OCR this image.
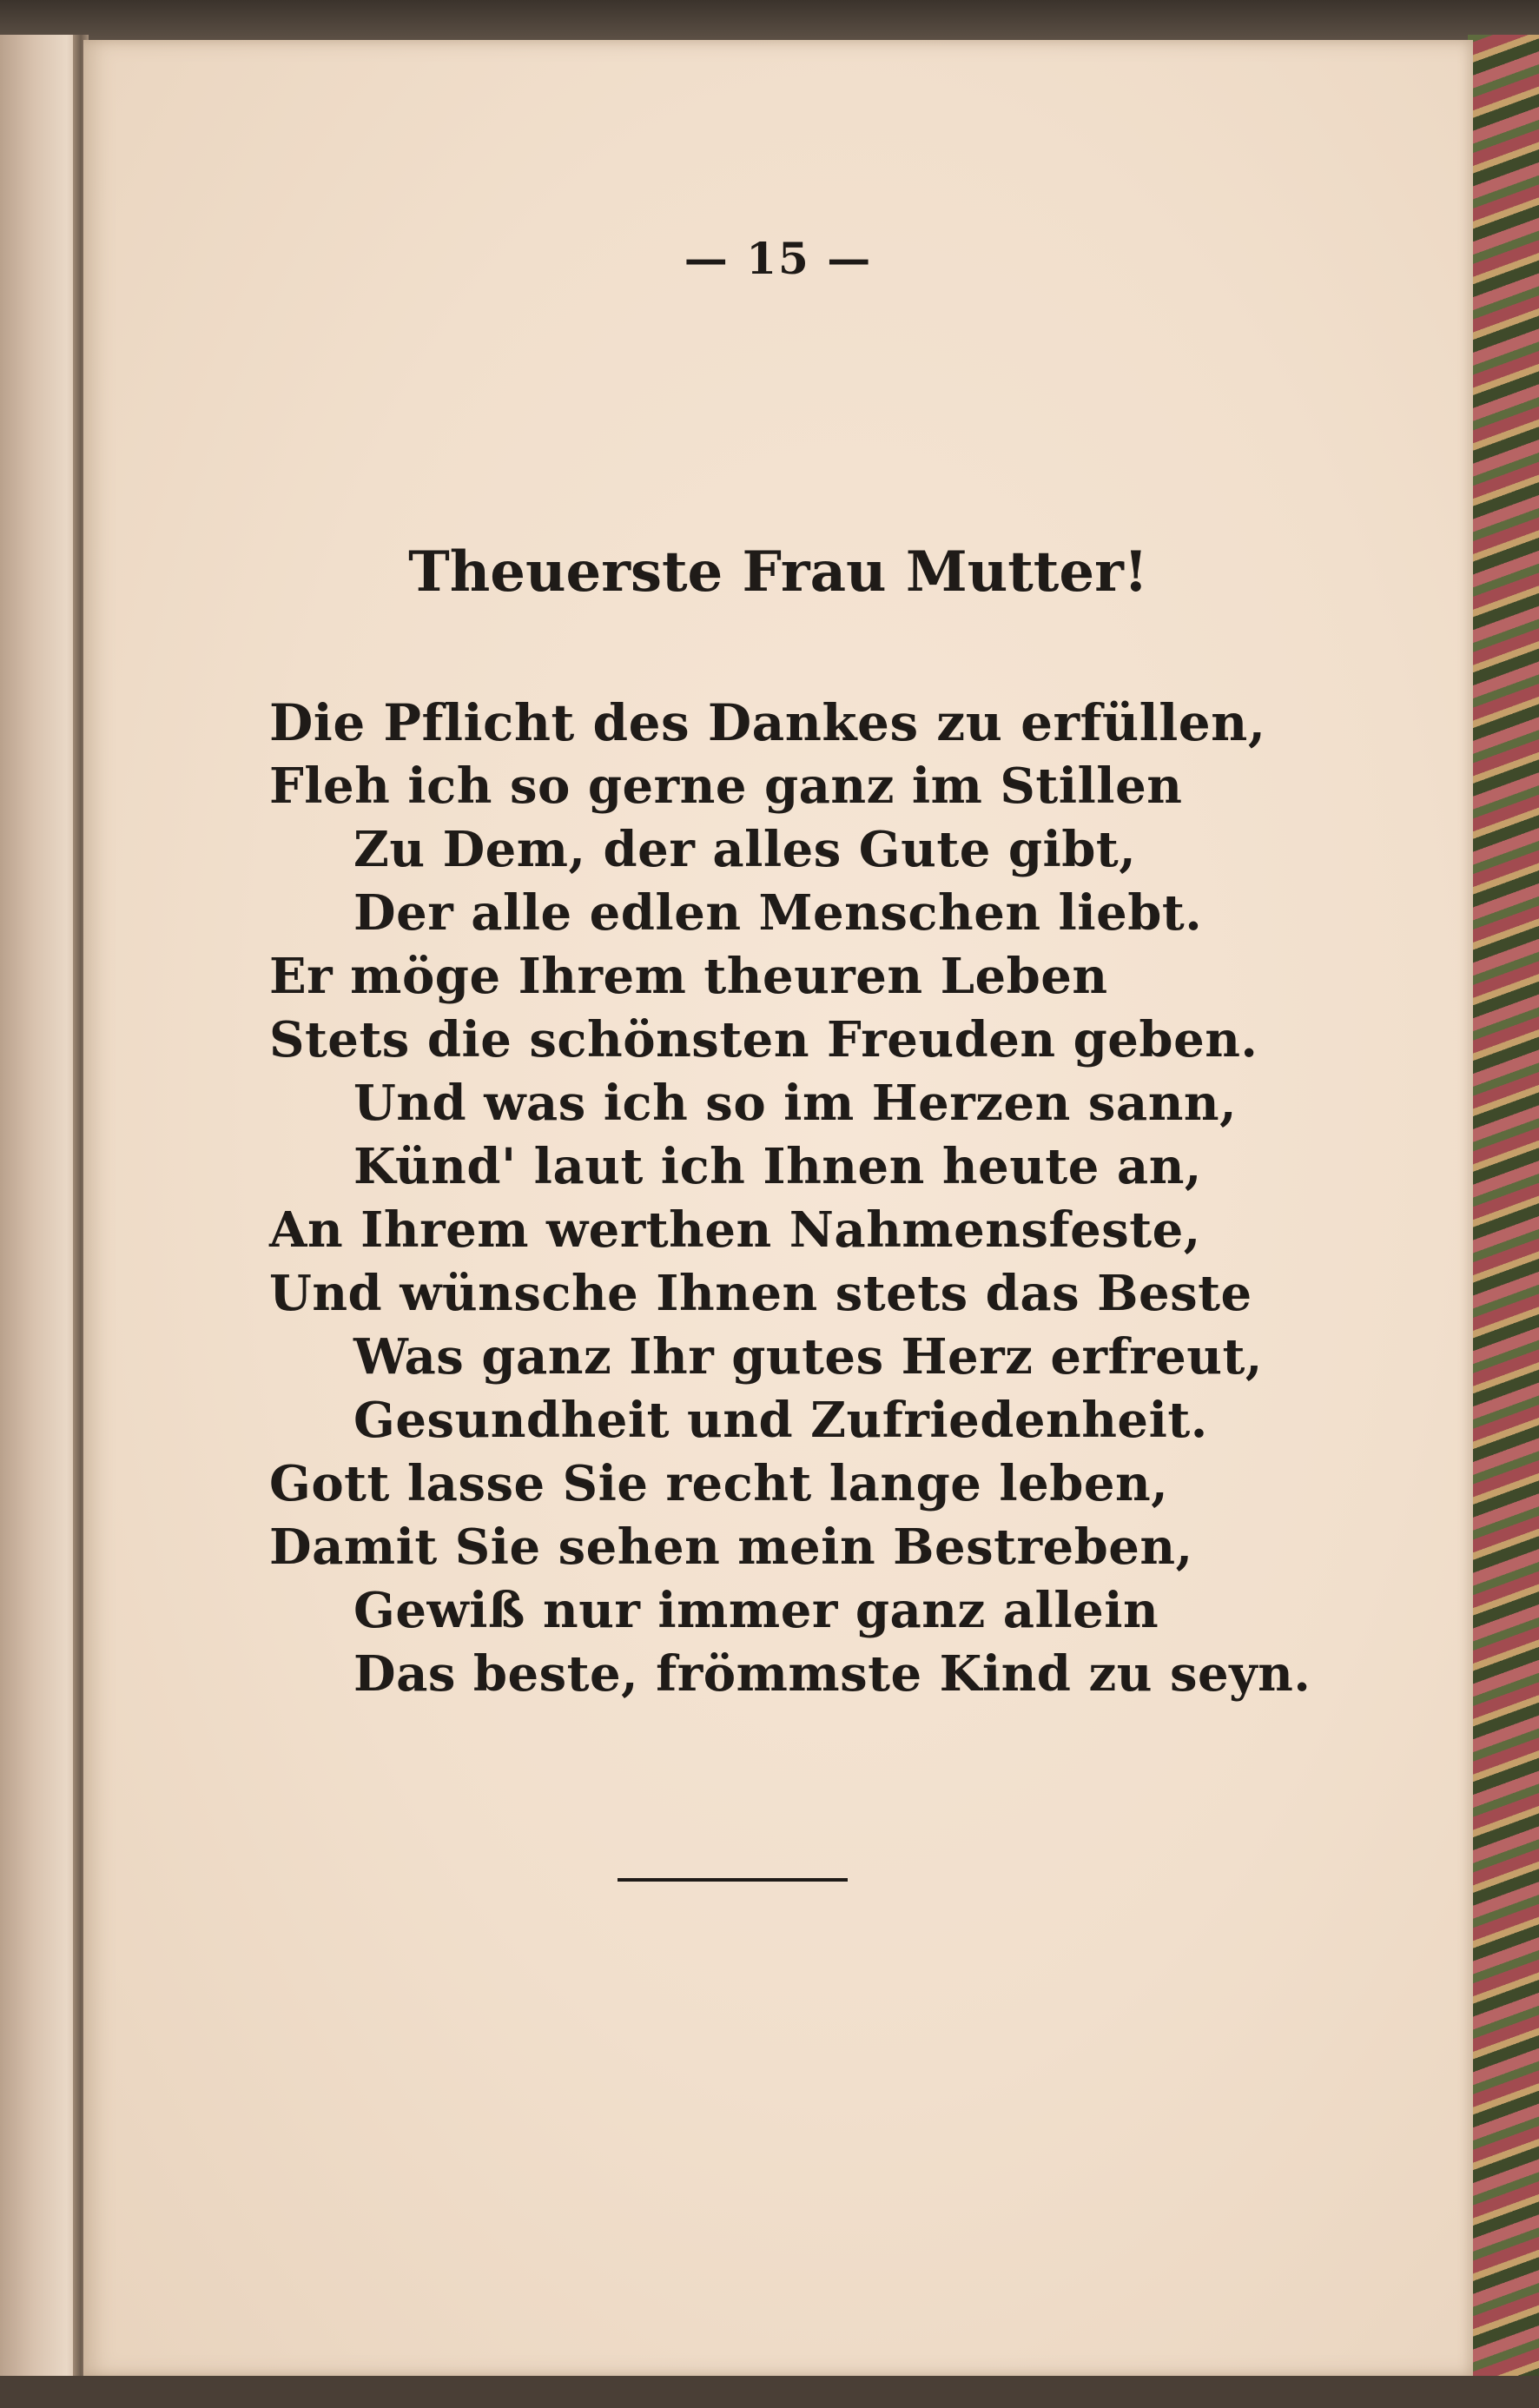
— 15 —
Theuerste Frau Mutter!
Die Pflicht des Dankes zu erfüllen,
Fleh ich so gerne ganz im Stillen
Zu Dem, der alles Gute gibt,
Der alle edlen Menschen liebt.
Er möge Ihrem theuren Leben
Stets die schönsten Freuden geben.
Und was ich so im Herzen sann,
Künd' laut ich Ihnen heute an,
An Ihrem werthen Nahmensfeste,
Und wünsche Ihnen stets das Beste
Was ganz Ihr gutes Herz erfreut,
Gesundheit und Zufriedenheit.
Gott lasse Sie recht lange leben,
Damit Sie sehen mein Bestreben,
Gewiß nur immer ganz allein
Das beste, frömmste Kind zu seyn.
